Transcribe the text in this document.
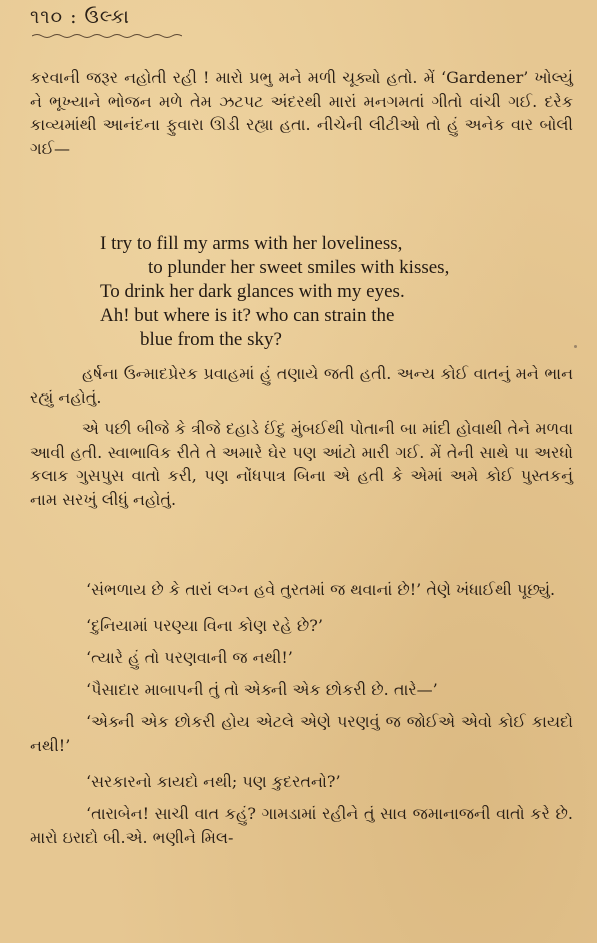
૧૧૦ : ઉલ્કા

કરવાની જરૂર નહોતી રહી ! મારો પ્રભુ મને મળી ચૂક્યો હતો. મેં ‘Gardener’ ખોલ્યું ને ભૂખ્યાને ભોજન મળે તેમ ઝટપટ અંદરથી મારાં મનગમતાં ગીતો વાંચી ગઈ. દરેક કાવ્યમાંથી આનંદના ફુવારા ઊડી રહ્યા હતા. નીચેની લીટીઓ તો હું અનેક વાર બોલી ગઈ—

I try to fill my arms with her loveliness,
to plunder her sweet smiles with kisses,
To drink her dark glances with my eyes.
Ah! but where is it? who can strain the
blue from the sky?

હર્ષના ઉન્માદપ્રેરક પ્રવાહમાં હું તણાયે જતી હતી. અન્ય કોઈ વાતનું મને ભાન રહ્યું નહોતું.

એ પછી બીજે કે ત્રીજે દહાડે ઈંદુ મુંબઈથી પોતાની બા માંદી હોવાથી તેને મળવા આવી હતી. સ્વાભાવિક રીતે તે અમારે ઘેર પણ આંટો મારી ગઈ. મેં તેની સાથે પા અરધો કલાક ગુસપુસ વાતો કરી, પણ નોંધપાત્ર બિના એ હતી કે એમાં અમે કોઈ પુસ્તકનું નામ સરખું લીધું નહોતું.

‘સંભળાય છે કે તારાં લગ્ન હવે તુરતમાં જ થવાનાં છે!’ તેણે ખંધાઈથી પૂછ્યું.

‘દુનિયામાં પરણ્યા વિના કોણ રહે છે?’

‘ત્યારે હું તો પરણવાની જ નથી!’

‘પૈસાદાર માબાપની તું તો એક્ની એક છોકરી છે. તારે—’

‘એક્ની એક છોકરી હોય એટલે એણે પરણવું જ જોઈએ એવો કોઈ કાયદો નથી!’

‘સરકારનો કાયદો નથી; પણ કુદરતનો?’

‘તારાબેન! સાચી વાત કહું? ગામડામાં રહીને તું સાવ જમાનાજની વાતો કરે છે. મારો ઇરાદો બી.એ. ભણીને મિલ-
